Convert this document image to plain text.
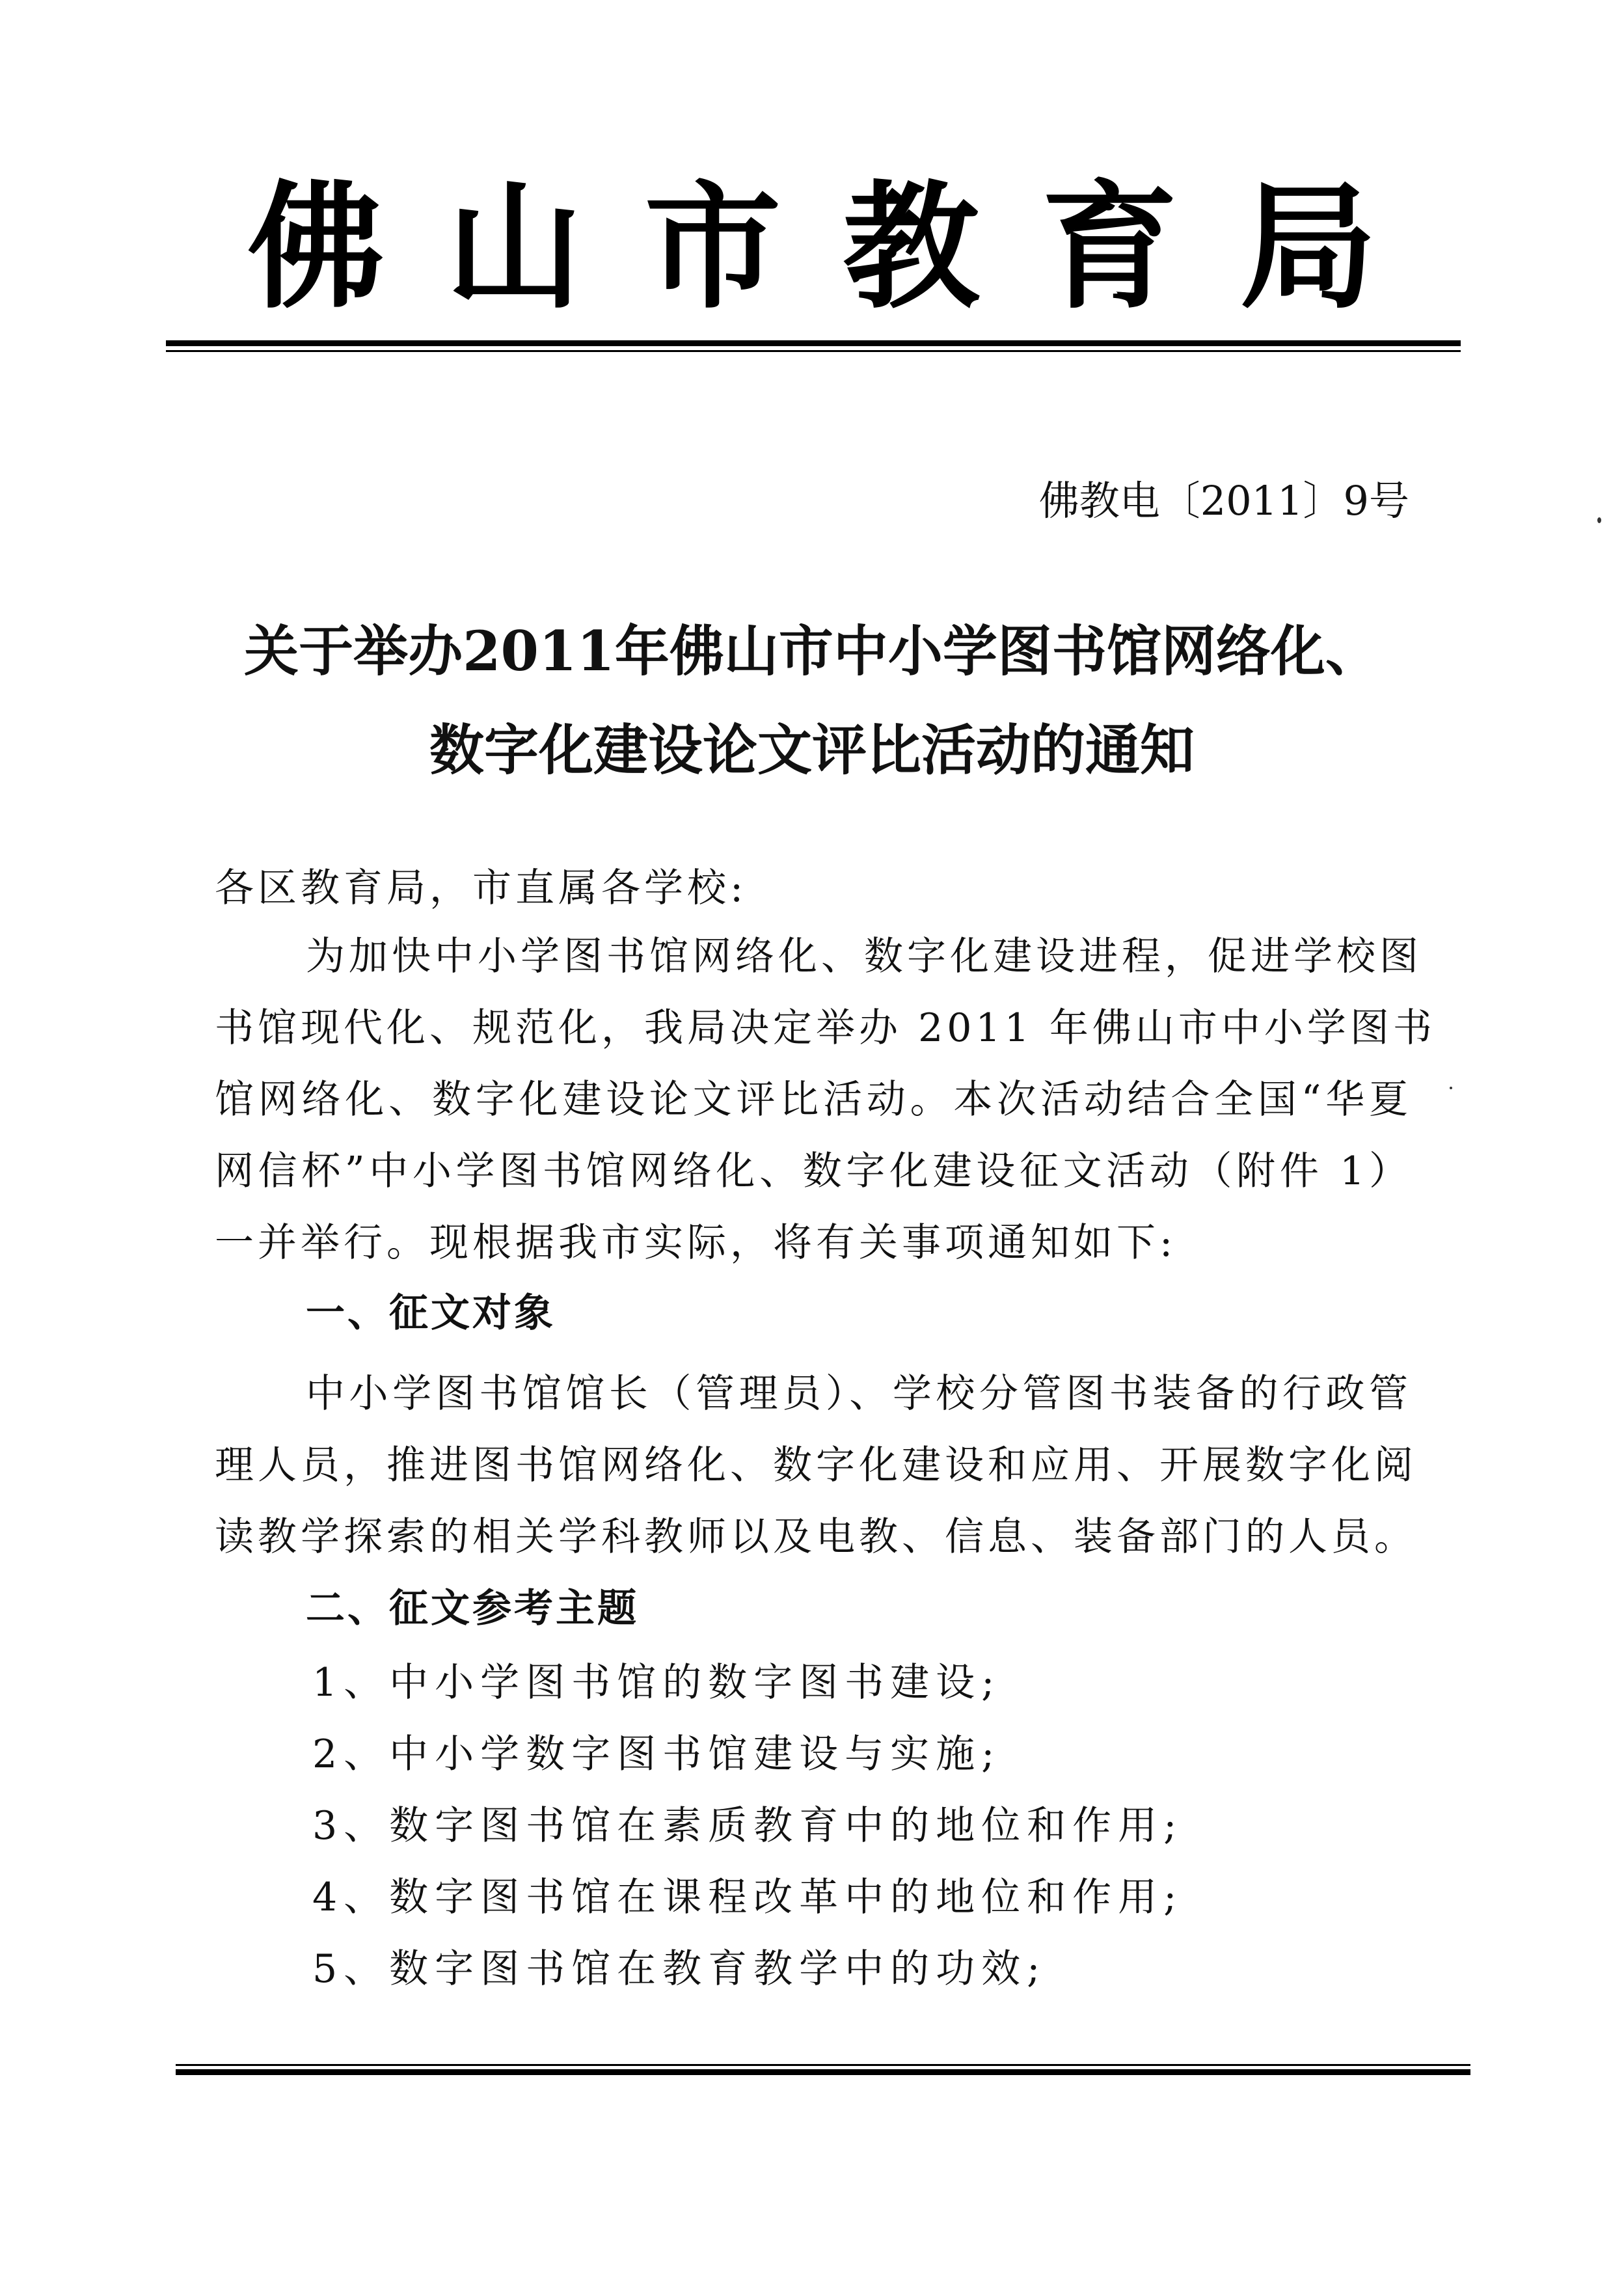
佛山市教育局
佛教电〔2011〕9号
关于举办2011年佛山市中小学图书馆网络化、
数字化建设论文评比活动的通知
各区教育局，市直属各学校:
为加快中小学图书馆网络化、数字化建设进程，促进学校图
书馆现代化、规范化，我局决定举办 2011 年佛山市中小学图书
馆网络化、数字化建设论文评比活动。本次活动结合全国“华夏
网信杯”中小学图书馆网络化、数字化建设征文活动（附件 1）
一并举行。现根据我市实际，将有关事项通知如下:
一、征文对象
中小学图书馆馆长（管理员）、学校分管图书装备的行政管
理人员，推进图书馆网络化、数字化建设和应用、开展数字化阅
读教学探索的相关学科教师以及电教、信息、装备部门的人员。
二、征文参考主题
1、中小学图书馆的数字图书建设;
2、中小学数字图书馆建设与实施;
3、数字图书馆在素质教育中的地位和作用;
4、数字图书馆在课程改革中的地位和作用;
5、数字图书馆在教育教学中的功效;
